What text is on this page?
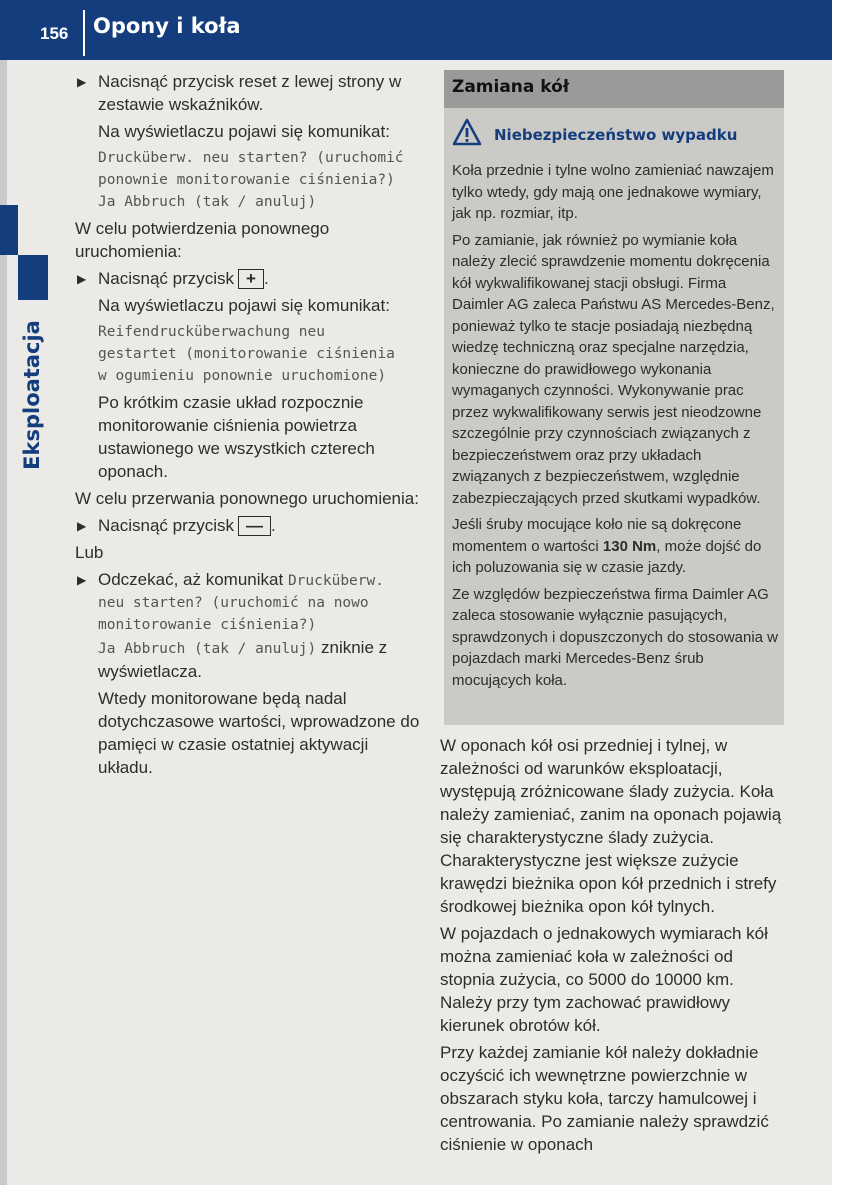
156 Opony i koła
Eksploatacja

▶ Nacisnąć przycisk reset z lewej strony w zestawie wskaźników.

Na wyświetlaczu pojawi się komunikat:

Drucküberw. neu starten? (uruchomić
ponownie monitorowanie ciśnienia?)
Ja Abbruch (tak / anuluj)

W celu potwierdzenia ponownego uruchomienia:

▶ Nacisnąć przycisk + .

Na wyświetlaczu pojawi się komunikat:

Reifendrucküberwachung neu
gestartet (monitorowanie ciśnienia
w ogumieniu ponownie uruchomione)

Po krótkim czasie układ rozpocznie monitorowanie ciśnienia powietrza ustawionego we wszystkich czterech oponach.

W celu przerwania ponownego uruchomienia:

▶ Nacisnąć przycisk — .

Lub

▶ Odczekać, aż komunikat Drucküberw.
neu starten? (uruchomić na nowo
monitorowanie ciśnienia?)
Ja Abbruch (tak / anuluj) zniknie z wyświetlacza.

Wtedy monitorowane będą nadal dotychczasowe wartości, wprowadzone do pamięci w czasie ostatniej aktywacji układu.

Zamiana kół
Niebezpieczeństwo wypadku

Koła przednie i tylne wolno zamieniać nawzajem tylko wtedy, gdy mają one jednakowe wymiary, jak np. rozmiar, itp.

Po zamianie, jak również po wymianie koła należy zlecić sprawdzenie momentu dokręcenia kół wykwalifikowanej stacji obsługi. Firma Daimler AG zaleca Państwu AS Mercedes-Benz, ponieważ tylko te stacje posiadają niezbędną wiedzę techniczną oraz specjalne narzędzia, konieczne do prawidłowego wykonania wymaganych czynności. Wykonywanie prac przez wykwalifikowany serwis jest nieodzowne szczególnie przy czynnościach związanych z bezpieczeństwem oraz przy układach związanych z bezpieczeństwem, względnie zabezpieczających przed skutkami wypadków.

Jeśli śruby mocujące koło nie są dokręcone momentem o wartości 130 Nm, może dojść do ich poluzowania się w czasie jazdy.

Ze względów bezpieczeństwa firma Daimler AG zaleca stosowanie wyłącznie pasujących, sprawdzonych i dopuszczonych do stosowania w pojazdach marki Mercedes-Benz śrub mocujących koła.

W oponach kół osi przedniej i tylnej, w zależności od warunków eksploatacji, występują zróżnicowane ślady zużycia. Koła należy zamieniać, zanim na oponach pojawią się charakterystyczne ślady zużycia. Charakterystyczne jest większe zużycie krawędzi bieżnika opon kół przednich i strefy środkowej bieżnika opon kół tylnych.

W pojazdach o jednakowych wymiarach kół można zamieniać koła w zależności od stopnia zużycia, co 5000 do 10000 km. Należy przy tym zachować prawidłowy kierunek obrotów kół.

Przy każdej zamianie kół należy dokładnie oczyścić ich wewnętrzne powierzchnie w obszarach styku koła, tarczy hamulcowej i centrowania. Po zamianie należy sprawdzić ciśnienie w oponach
